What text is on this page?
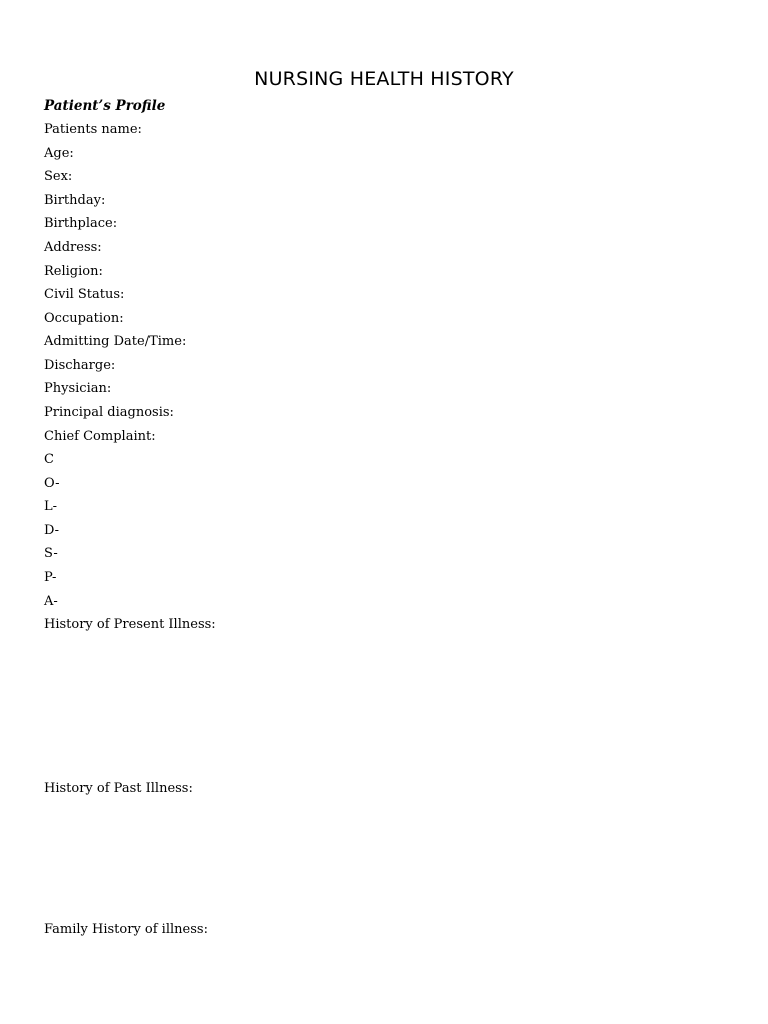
NURSING HEALTH HISTORY
Patient’s Profile
Patients name:
Age:
Sex:
Birthday:
Birthplace:
Address:
Religion:
Civil Status:
Occupation:
Admitting Date/Time:
Discharge:
Physician:
Principal diagnosis:
Chief Complaint:
C
O-
L-
D-
S-
P-
A-
History of Present Illness:
History of Past Illness:
Family History of illness:
